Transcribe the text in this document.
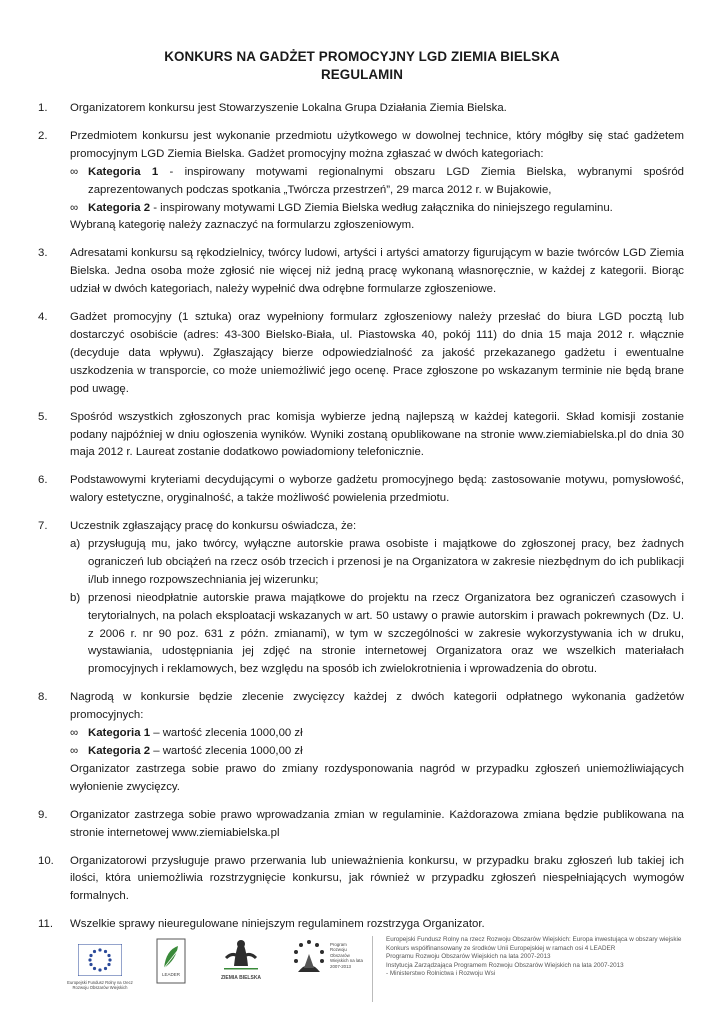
KONKURS NA GADŻET PROMOCYJNY LGD ZIEMIA BIELSKA
REGULAMIN
1.	Organizatorem konkursu jest Stowarzyszenie Lokalna Grupa Działania Ziemia Bielska.

2.	Przedmiotem konkursu jest wykonanie przedmiotu użytkowego w dowolnej technice, który mógłby się stać gadżetem promocyjnym LGD Ziemia Bielska. Gadżet promocyjny można zgłaszać w dwóch kategoriach:

∞ Kategoria 1 - inspirowany motywami regionalnymi obszaru LGD Ziemia Bielska, wybranymi spośród zaprezentowanych podczas spotkania „Twórcza przestrzeń”, 29 marca 2012 r. w Bujakowie,
∞ Kategoria 2 - inspirowany motywami LGD Ziemia Bielska według załącznika do niniejszego regulaminu.

Wybraną kategorię należy zaznaczyć na formularzu zgłoszeniowym.

3.	Adresatami konkursu są rękodzielnicy, twórcy ludowi, artyści i artyści amatorzy figurującym w bazie twórców LGD Ziemia Bielska. Jedna osoba może zgłosić nie więcej niż jedną pracę wykonaną własnoręcznie, w każdej z kategorii. Biorąc udział w dwóch kategoriach, należy wypełnić dwa odrębne formularze zgłoszeniowe.

4.	Gadżet promocyjny (1 sztuka) oraz wypełniony formularz zgłoszeniowy należy przesłać do biura LGD pocztą lub dostarczyć osobiście (adres: 43-300 Bielsko-Biała, ul. Piastowska 40, pokój 111) do dnia 15 maja 2012 r. włącznie (decyduje data wpływu). Zgłaszający bierze odpowiedzialność za jakość przekazanego gadżetu i ewentualne uszkodzenia w transporcie, co może uniemożliwić jego ocenę. Prace zgłoszone po wskazanym terminie nie będą brane pod uwagę.

5.	Spośród wszystkich zgłoszonych prac komisja wybierze jedną najlepszą w każdej kategorii. Skład komisji zostanie podany najpóźniej w dniu ogłoszenia wyników. Wyniki zostaną opublikowane na stronie www.ziemiabielska.pl do dnia 30 maja 2012 r. Laureat zostanie dodatkowo powiadomiony telefonicznie.

6.	Podstawowymi kryteriami decydującymi o wyborze gadżetu promocyjnego będą: zastosowanie motywu, pomysłowość, walory estetyczne, oryginalność, a także możliwość powielenia przedmiotu.

7.	Uczestnik zgłaszający pracę do konkursu oświadcza, że:

a) przysługują mu, jako twórcy, wyłączne autorskie prawa osobiste i majątkowe do zgłoszonej pracy, bez żadnych ograniczeń lub obciążeń na rzecz osób trzecich i przenosi je na Organizatora w zakresie niezbędnym do ich publikacji i/lub innego rozpowszechniania jej wizerunku;
b) przenosi nieodpłatnie autorskie prawa majątkowe do projektu na rzecz Organizatora bez ograniczeń czasowych i terytorialnych, na polach eksploatacji wskazanych w art. 50 ustawy o prawie autorskim i prawach pokrewnych (Dz. U. z 2006 r. nr 90 poz. 631 z późn. zmianami), w tym w szczególności w zakresie wykorzystywania ich w druku, wystawiania, udostępniania jej zdjęć na stronie internetowej Organizatora oraz we wszelkich materiałach promocyjnych i reklamowych, bez względu na sposób ich zwielokrotnienia i wprowadzenia do obrotu.
8.	Nagrodą w konkursie będzie zlecenie zwycięzcy każdej z dwóch kategorii odpłatnego wykonania gadżetów promocyjnych:

∞ Kategoria 1 – wartość zlecenia 1000,00 zł
∞ Kategoria 2 – wartość zlecenia 1000,00 zł

Organizator zastrzega sobie prawo do zmiany rozdysponowania nagród w przypadku zgłoszeń uniemożliwiających wyłonienie zwycięzcy.

9.	Organizator zastrzega sobie prawo wprowadzania zmian w regulaminie. Każdorazowa zmiana będzie publikowana na stronie internetowej www.ziemiabielska.pl

10.	Organizatorowi przysługuje prawo przerwania lub unieważnienia konkursu, w przypadku braku zgłoszeń lub takiej ich ilości, która uniemożliwia rozstrzygnięcie konkursu, jak również w przypadku zgłoszeń niespełniających wymogów formalnych.

11.	Wszelkie sprawy nieuregulowane niniejszym regulaminem rozstrzyga Organizator.

Europejski Fundusz Rolny na rzecz Rozwoju Obszarów Wiejskich
LEADER
ZIEMIA BIELSKA
Program Rozwoju Obszarów Wiejskich na lata 2007-2013
Europejski Fundusz Rolny na rzecz Rozwoju Obszarów Wiejskich: Europa inwestująca w obszary wiejskie
Konkurs współfinansowany ze środków Unii Europejskiej w ramach osi 4 LEADER
Programu Rozwoju Obszarów Wiejskich na lata 2007-2013
Instytucja Zarządzająca Programem Rozwoju Obszarów Wiejskich na lata 2007-2013
- Ministerstwo Rolnictwa i Rozwoju Wsi
